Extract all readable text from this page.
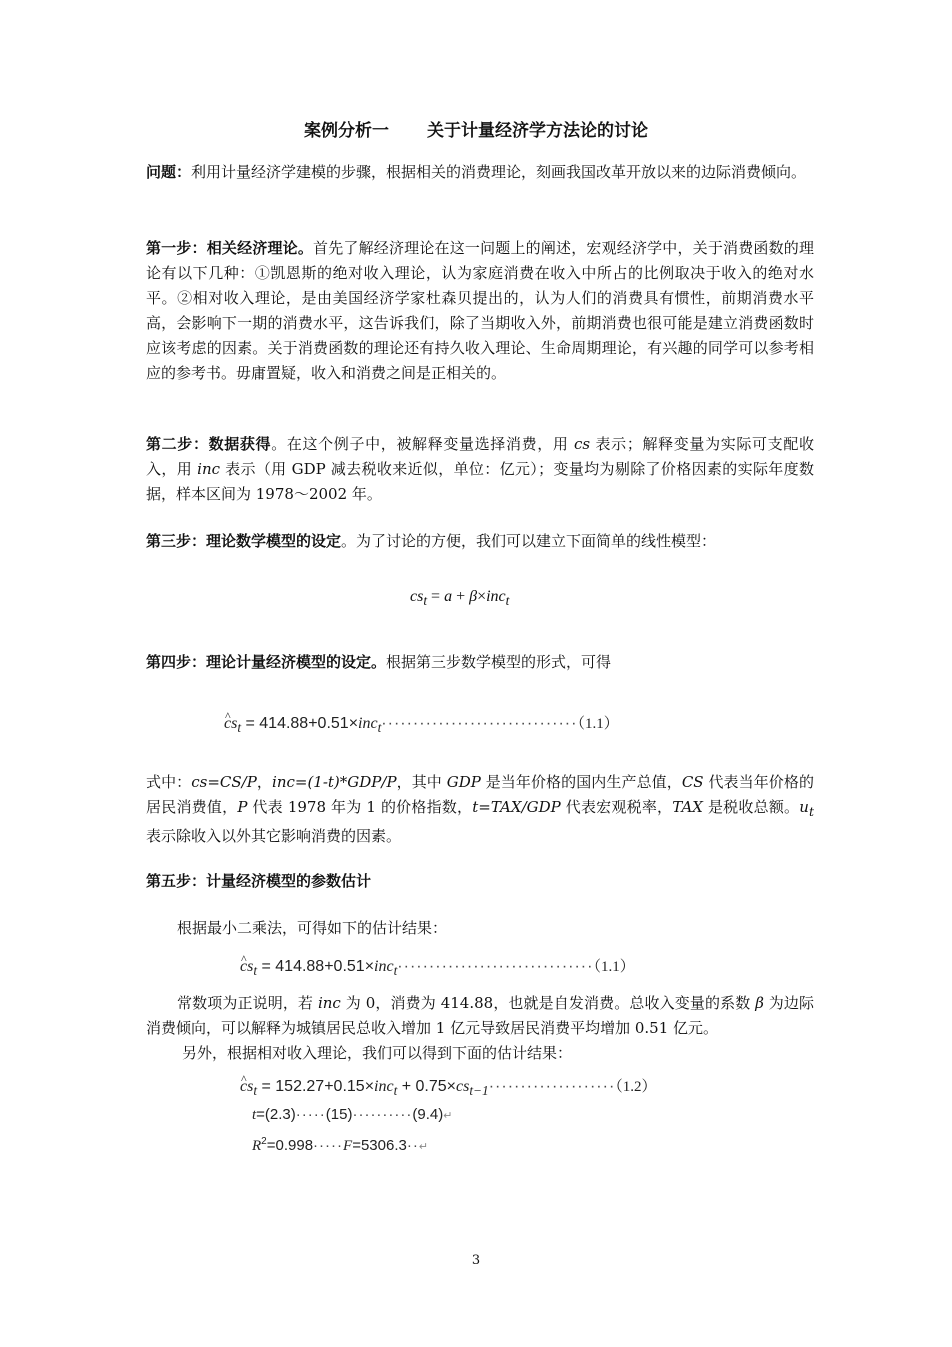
案例分析一 关于计量经济学方法论的讨论
问题：利用计量经济学建模的步骤，根据相关的消费理论，刻画我国改革开放以来的边际消费倾向。
第一步：相关经济理论。首先了解经济理论在这一问题上的阐述，宏观经济学中，关于消费函数的理论有以下几种：①凯恩斯的绝对收入理论，认为家庭消费在收入中所占的比例取决于收入的绝对水平。②相对收入理论，是由美国经济学家杜森贝提出的，认为人们的消费具有惯性，前期消费水平高，会影响下一期的消费水平，这告诉我们，除了当期收入外，前期消费也很可能是建立消费函数时应该考虑的因素。关于消费函数的理论还有持久收入理论、生命周期理论，有兴趣的同学可以参考相应的参考书。毋庸置疑，收入和消费之间是正相关的。
第二步：数据获得。在这个例子中，被解释变量选择消费，用 cs 表示；解释变量为实际可支配收入，用 inc 表示（用 GDP 减去税收来近似，单位：亿元）；变量均为剔除了价格因素的实际年度数据，样本区间为 1978～2002 年。
第三步：理论数学模型的设定。为了讨论的方便，我们可以建立下面简单的线性模型：
$cs_t = a + \beta\times inc_t$
第四步：理论计量经济模型的设定。根据第三步数学模型的形式，可得
^ $cs_t = 414.88+0.51\times inc_t\cdot\cdot\cdot\cdot\cdot\cdot\cdot\cdot\cdot\cdot\cdot\cdot\cdot\cdot\cdot\cdot\cdot\cdot\cdot\cdot\cdot\cdot\cdot\cdot\cdot\cdot\cdot\cdot\cdot\cdot\cdot(1.1)$
式中：cs=CS/P，inc=(1-t)*GDP/P，其中 GDP 是当年价格的国内生产总值，CS 代表当年价格的居民消费值，P 代表 1978 年为 1 的价格指数，t=TAX/GDP 代表宏观税率，TAX 是税收总额。$u_t$ 表示除收入以外其它影响消费的因素。
第五步：计量经济模型的参数估计
根据最小二乘法，可得如下的估计结果：
^ $cs_t = 414.88+0.51\times inc_t\cdot\cdot\cdot\cdot\cdot\cdot\cdot\cdot\cdot\cdot\cdot\cdot\cdot\cdot\cdot\cdot\cdot\cdot\cdot\cdot\cdot\cdot\cdot\cdot\cdot\cdot\cdot\cdot\cdot\cdot\cdot(1.1)$
常数项为正说明，若 inc 为 0，消费为 414.88，也就是自发消费。总收入变量的系数 β 为边际消费倾向，可以解释为城镇居民总收入增加 1 亿元导致居民消费平均增加 0.51 亿元。
另外，根据相对收入理论，我们可以得到下面的估计结果：
^ $cs_t = 152.27+0.15\times inc_t + 0.75\times cs_{t-1}\cdot\cdot\cdot\cdot\cdot\cdot\cdot\cdot\cdot\cdot\cdot\cdot\cdot\cdot\cdot\cdot\cdot\cdot\cdot\cdot(1.2)$
t=(2.3)·····(15)··········(9.4)↵
$R^2=0.998\cdot\cdot\cdot\cdot\cdot F=5306.3\cdot\cdot↵$
3
